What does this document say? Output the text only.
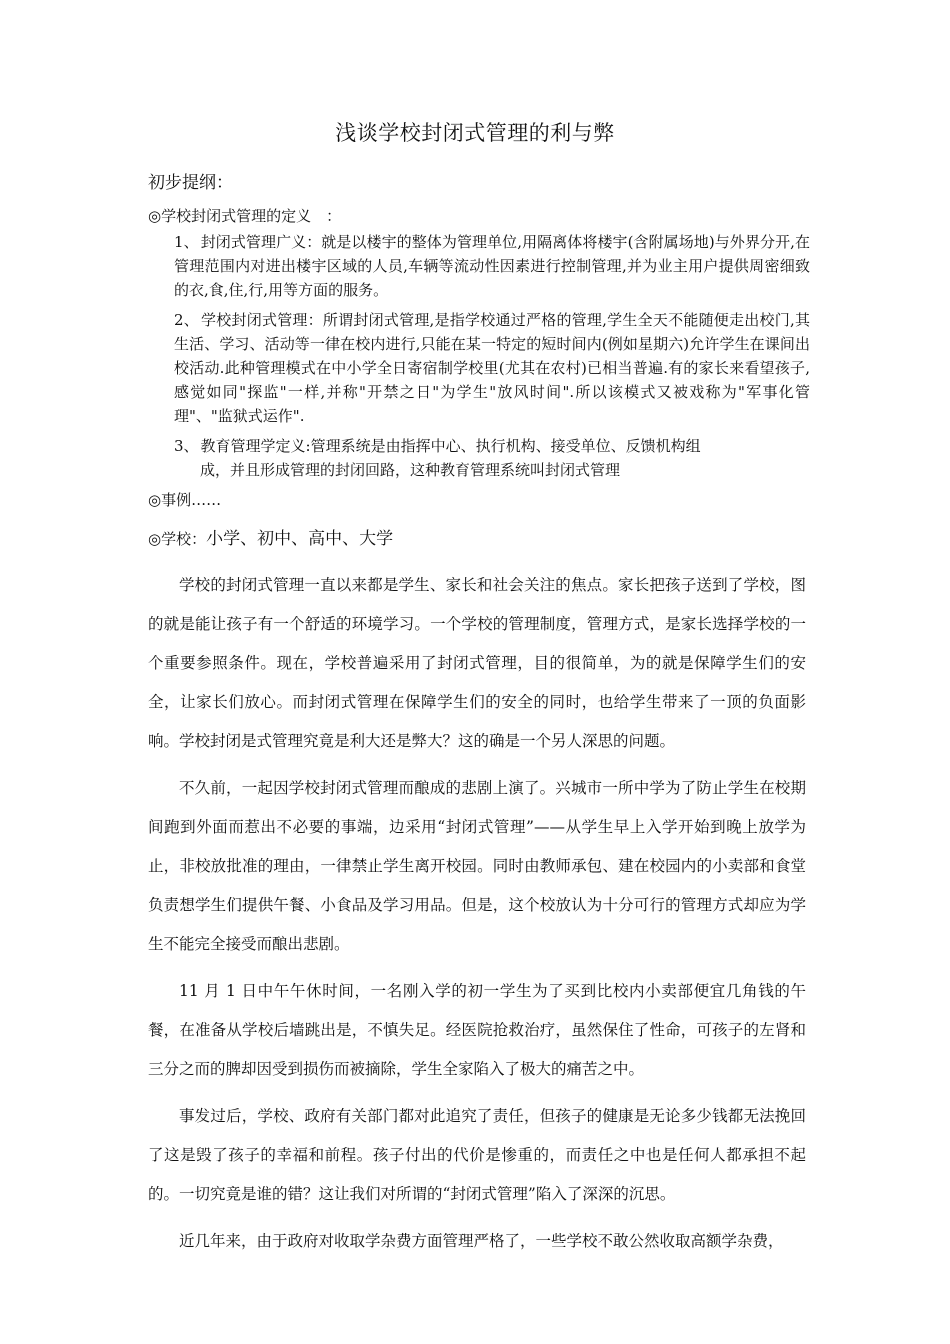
浅谈学校封闭式管理的利与弊
初步提纲：
◎学校封闭式管理的定义　：
1、 封闭式管理广义：就是以楼宇的整体为管理单位,用隔离体将楼宇(含附属场地)与外界分开,在管理范围内对进出楼宇区域的人员,车辆等流动性因素进行控制管理,并为业主用户提供周密细致的衣,食,住,行,用等方面的服务。
2、 学校封闭式管理：所谓封闭式管理,是指学校通过严格的管理,学生全天不能随便走出校门,其生活、学习、活动等一律在校内进行,只能在某一特定的短时间内(例如星期六)允许学生在课间出校活动.此种管理模式在中小学全日寄宿制学校里(尤其在农村)已相当普遍.有的家长来看望孩子,感觉如同"探监"一样,并称"开禁之日"为学生"放风时间".所以该模式又被戏称为"军事化管理"、"监狱式运作".
3、 教育管理学定义:管理系统是由指挥中心、执行机构、接受单位、反馈机构组
成，并且形成管理的封闭回路，这种教育管理系统叫封闭式管理
◎事例……
◎学校：小学、初中、高中、大学

学校的封闭式管理一直以来都是学生、家长和社会关注的焦点。家长把孩子送到了学校，图的就是能让孩子有一个舒适的环境学习。一个学校的管理制度，管理方式，是家长选择学校的一个重要参照条件。现在，学校普遍采用了封闭式管理，目的很简单，为的就是保障学生们的安全，让家长们放心。而封闭式管理在保障学生们的安全的同时，也给学生带来了一顶的负面影响。学校封闭是式管理究竟是利大还是弊大？这的确是一个另人深思的问题。

不久前，一起因学校封闭式管理而酿成的悲剧上演了。兴城市一所中学为了防止学生在校期间跑到外面而惹出不必要的事端，边采用“封闭式管理”——从学生早上入学开始到晚上放学为止，非校放批准的理由，一律禁止学生离开校园。同时由教师承包、建在校园内的小卖部和食堂负责想学生们提供午餐、小食品及学习用品。但是，这个校放认为十分可行的管理方式却应为学生不能完全接受而酿出悲剧。

11 月 1 日中午午休时间，一名刚入学的初一学生为了买到比校内小卖部便宜几角钱的午餐，在准备从学校后墙跳出是，不慎失足。经医院抢救治疗，虽然保住了性命，可孩子的左肾和三分之而的脾却因受到损伤而被摘除，学生全家陷入了极大的痛苦之中。

事发过后，学校、政府有关部门都对此追究了责任，但孩子的健康是无论多少钱都无法挽回了这是毁了孩子的幸福和前程。孩子付出的代价是惨重的，而责任之中也是任何人都承担不起的。一切究竟是谁的错？这让我们对所谓的“封闭式管理”陷入了深深的沉思。

近几年来，由于政府对收取学杂费方面管理严格了，一些学校不敢公然收取高额学杂费，
